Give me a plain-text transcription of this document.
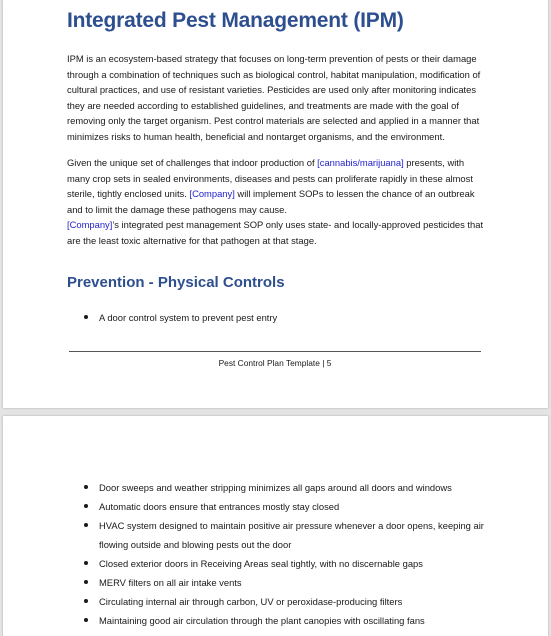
Integrated Pest Management (IPM)

IPM is an ecosystem-based strategy that focuses on long-term prevention of pests or their damage through a combination of techniques such as biological control, habitat manipulation, modification of cultural practices, and use of resistant varieties. Pesticides are used only after monitoring indicates they are needed according to established guidelines, and treatments are made with the goal of removing only the target organism. Pest control materials are selected and applied in a manner that minimizes risks to human health, beneficial and nontarget organisms, and the environment.

Given the unique set of challenges that indoor production of [cannabis/marijuana] presents, with many crop sets in sealed environments, diseases and pests can proliferate rapidly in these almost sterile, tightly enclosed units. [Company] will implement SOPs to lessen the chance of an outbreak and to limit the damage these pathogens may cause.

[Company]’s integrated pest management SOP only uses state- and locally-approved pesticides that are the least toxic alternative for that pathogen at that stage.

Prevention - Physical Controls
A door control system to prevent pest entry
Pest Control Plan Template | 5
Door sweeps and weather stripping minimizes all gaps around all doors and windows
Automatic doors ensure that entrances mostly stay closed
HVAC system designed to maintain positive air pressure whenever a door opens, keeping air flowing outside and blowing pests out the door
Closed exterior doors in Receiving Areas seal tightly, with no discernable gaps
MERV filters on all air intake vents
Circulating internal air through carbon, UV or peroxidase-producing filters
Maintaining good air circulation through the plant canopies with oscillating fans
